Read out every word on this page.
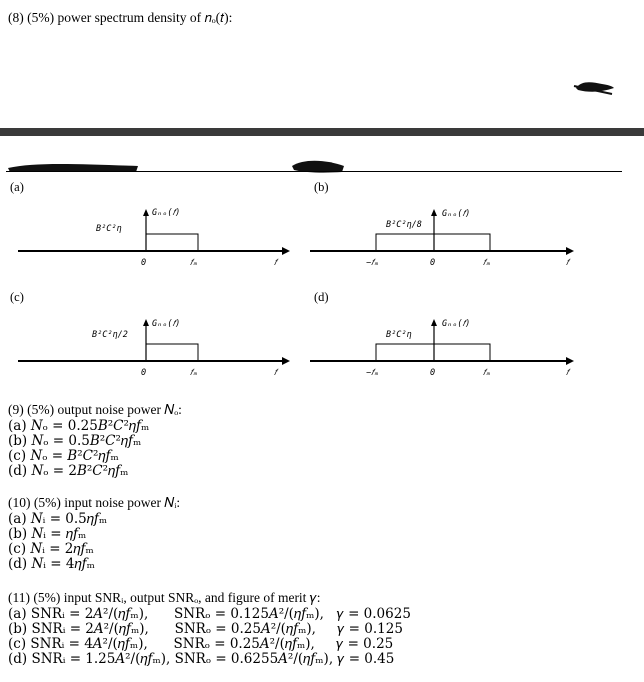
(8) (5%) power spectrum density of 𝑛ₒ(𝑡):
(a)	(b)
(c)	(d)
Gₙₒ(𝑓)
B²C²η
0	𝑓ₘ	𝑓
Gₙₒ(𝑓)
B²C²η/8
−𝑓ₘ	0	𝑓ₘ	𝑓
Gₙₒ(𝑓)
B²C²η/2
0	𝑓ₘ	𝑓
Gₙₒ(𝑓)
B²C²η
−𝑓ₘ	0	𝑓ₘ	𝑓
(9) (5%) output noise power 𝑁ₒ:
(a) 𝑁ₒ = 0.25𝐵²𝐶²𝜂𝑓ₘ
(b) 𝑁ₒ = 0.5𝐵²𝐶²𝜂𝑓ₘ
(c) 𝑁ₒ = 𝐵²𝐶²𝜂𝑓ₘ
(d) 𝑁ₒ = 2𝐵²𝐶²𝜂𝑓ₘ
(10) (5%) input noise power 𝑁ᵢ:
(a) 𝑁ᵢ = 0.5𝜂𝑓ₘ
(b) 𝑁ᵢ = 𝜂𝑓ₘ
(c) 𝑁ᵢ = 2𝜂𝑓ₘ
(d) 𝑁ᵢ = 4𝜂𝑓ₘ
(11) (5%) input SNRᵢ, output SNRₒ, and figure of merit 𝛾:
(a) SNRᵢ = 2𝐴²/(𝜂𝑓ₘ),      SNRₒ = 0.125𝐴²/(𝜂𝑓ₘ),   𝛾 = 0.0625
(b) SNRᵢ = 2𝐴²/(𝜂𝑓ₘ),      SNRₒ = 0.25𝐴²/(𝜂𝑓ₘ),     𝛾 = 0.125
(c) SNRᵢ = 4𝐴²/(𝜂𝑓ₘ),      SNRₒ = 0.25𝐴²/(𝜂𝑓ₘ),     𝛾 = 0.25
(d) SNRᵢ = 1.25𝐴²/(𝜂𝑓ₘ), SNRₒ = 0.6255𝐴²/(𝜂𝑓ₘ), 𝛾 = 0.45
